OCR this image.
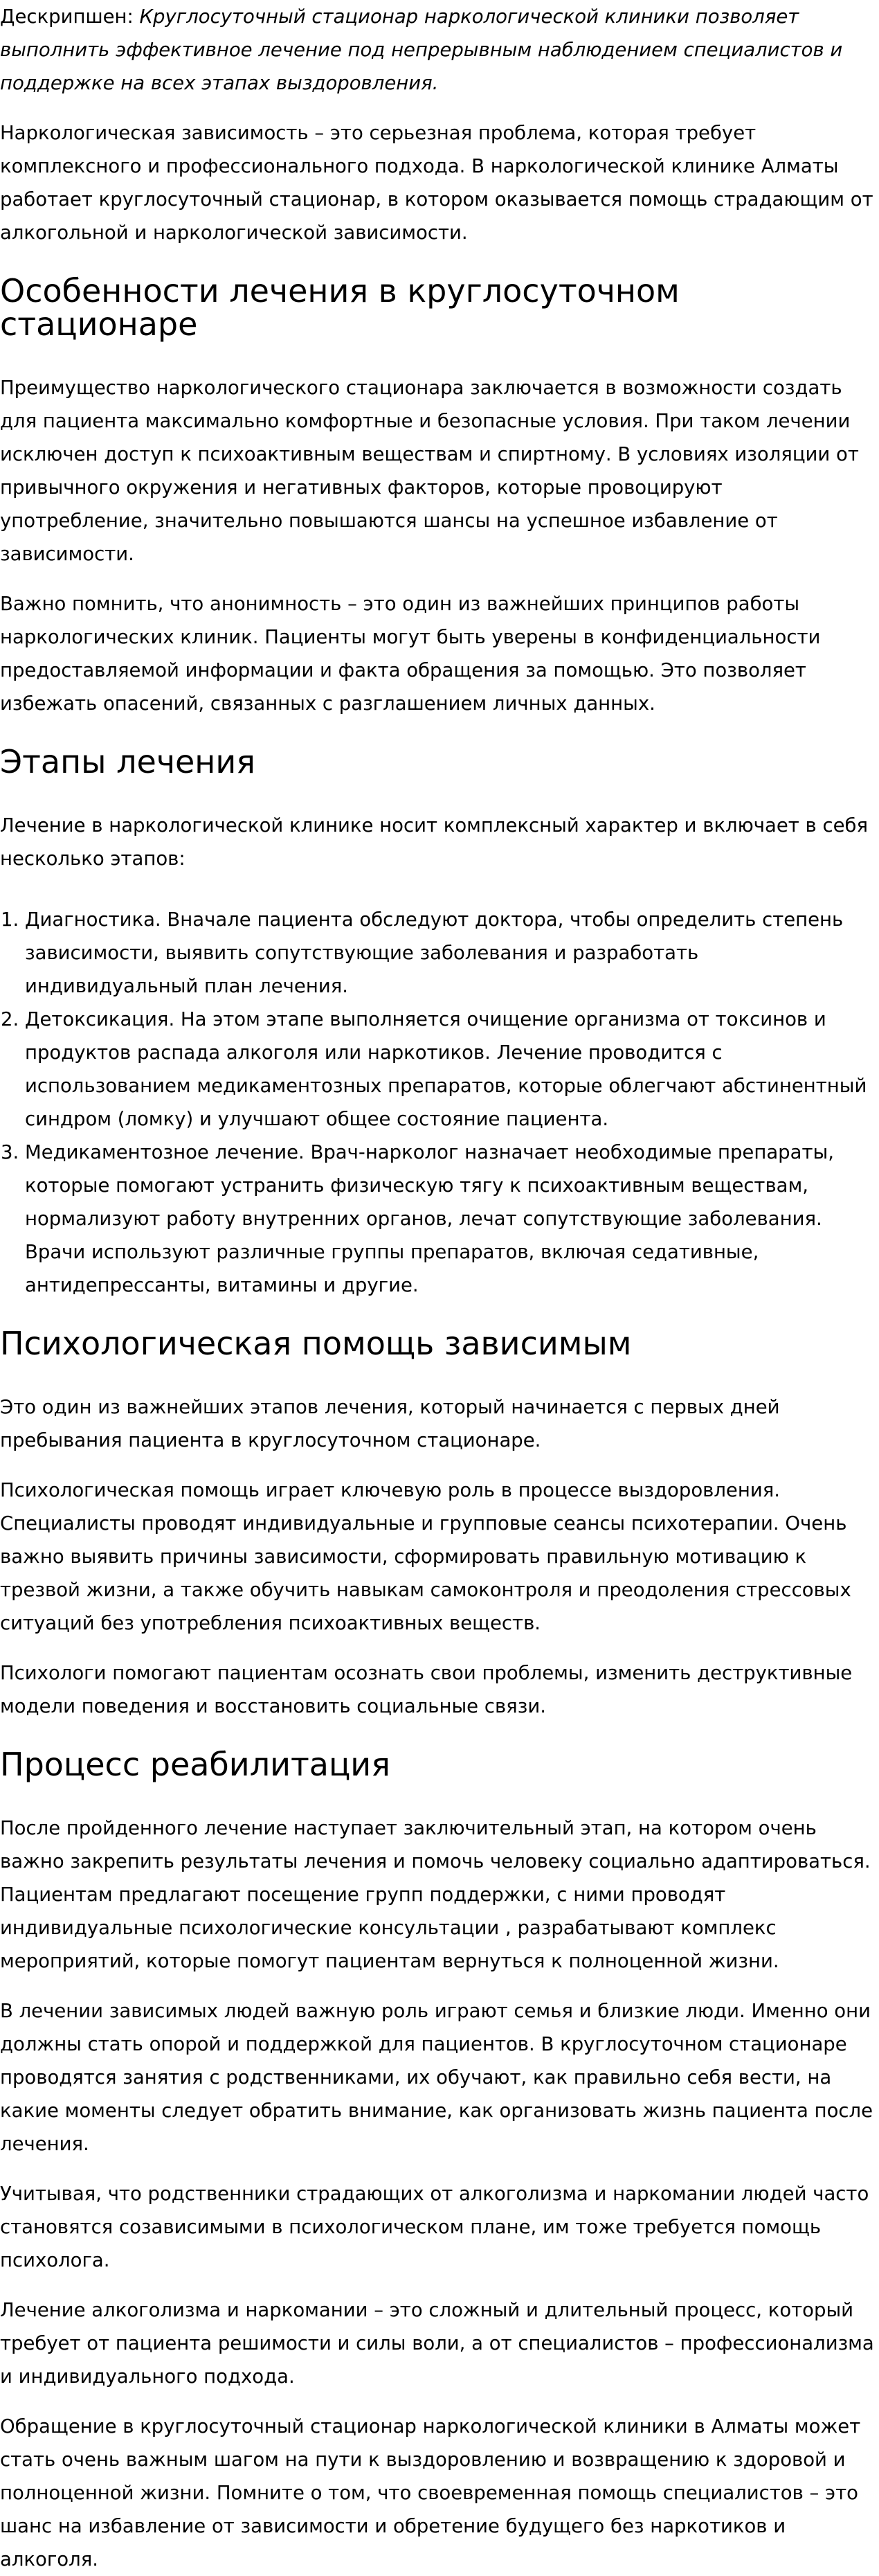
Дескрипшен: Круглосуточный стационар наркологической клиники позволяет выполнить эффективное лечение под непрерывным наблюдением специалистов и поддержке на всех этапах выздоровления.

Наркологическая зависимость – это серьезная проблема, которая требует комплексного и профессионального подхода. В наркологической клинике Алматы работает круглосуточный стационар, в котором оказывается помощь страдающим от алкогольной и наркологической зависимости.

Особенности лечения в круглосуточном стационаре

Преимущество наркологического стационара заключается в возможности создать для пациента максимально комфортные и безопасные условия. При таком лечении исключен доступ к психоактивным веществам и спиртному. В условиях изоляции от привычного окружения и негативных факторов, которые провоцируют употребление, значительно повышаются шансы на успешное избавление от зависимости.

Важно помнить, что анонимность – это один из важнейших принципов работы наркологических клиник. Пациенты могут быть уверены в конфиденциальности предоставляемой информации и факта обращения за помощью. Это позволяет избежать опасений, связанных с разглашением личных данных.

Этапы лечения

Лечение в наркологической клинике носит комплексный характер и включает в себя несколько этапов:

1. Диагностика. Вначале пациента обследуют доктора, чтобы определить степень зависимости, выявить сопутствующие заболевания и разработать индивидуальный план лечения.
2. Детоксикация. На этом этапе выполняется очищение организма от токсинов и продуктов распада алкоголя или наркотиков. Лечение проводится с использованием медикаментозных препаратов, которые облегчают абстинентный синдром (ломку) и улучшают общее состояние пациента.
3. Медикаментозное лечение. Врач-нарколог назначает необходимые препараты, которые помогают устранить физическую тягу к психоактивным веществам, нормализуют работу внутренних органов, лечат сопутствующие заболевания. Врачи используют различные группы препаратов, включая седативные, антидепрессанты, витамины и другие.
Психологическая помощь зависимым

Это один из важнейших этапов лечения, который начинается с первых дней пребывания пациента в круглосуточном стационаре.

Психологическая помощь играет ключевую роль в процессе выздоровления. Специалисты проводят индивидуальные и групповые сеансы психотерапии. Очень важно выявить причины зависимости, сформировать правильную мотивацию к трезвой жизни, а также обучить навыкам самоконтроля и преодоления стрессовых ситуаций без употребления психоактивных веществ.

Психологи помогают пациентам осознать свои проблемы, изменить деструктивные модели поведения и восстановить социальные связи.

Процесс реабилитация

После пройденного лечение наступает заключительный этап, на котором очень важно закрепить результаты лечения и помочь человеку социально адаптироваться. Пациентам предлагают посещение групп поддержки, с ними проводят индивидуальные психологические консультации , разрабатывают комплекс мероприятий, которые помогут пациентам вернуться к полноценной жизни.

В лечении зависимых людей важную роль играют семья и близкие люди. Именно они должны стать опорой и поддержкой для пациентов. В круглосуточном стационаре проводятся занятия с родственниками, их обучают, как правильно себя вести, на какие моменты следует обратить внимание, как организовать жизнь пациента после лечения.

Учитывая, что родственники страдающих от алкоголизма и наркомании людей часто становятся созависимыми в психологическом плане, им тоже требуется помощь психолога.

Лечение алкоголизма и наркомании – это сложный и длительный процесс, который требует от пациента решимости и силы воли, а от специалистов – профессионализма и индивидуального подхода.

Обращение в круглосуточный стационар наркологической клиники в Алматы может стать очень важным шагом на пути к выздоровлению и возвращению к здоровой и полноценной жизни. Помните о том, что своевременная помощь специалистов – это шанс на избавление от зависимости и обретение будущего без наркотиков и алкоголя.
